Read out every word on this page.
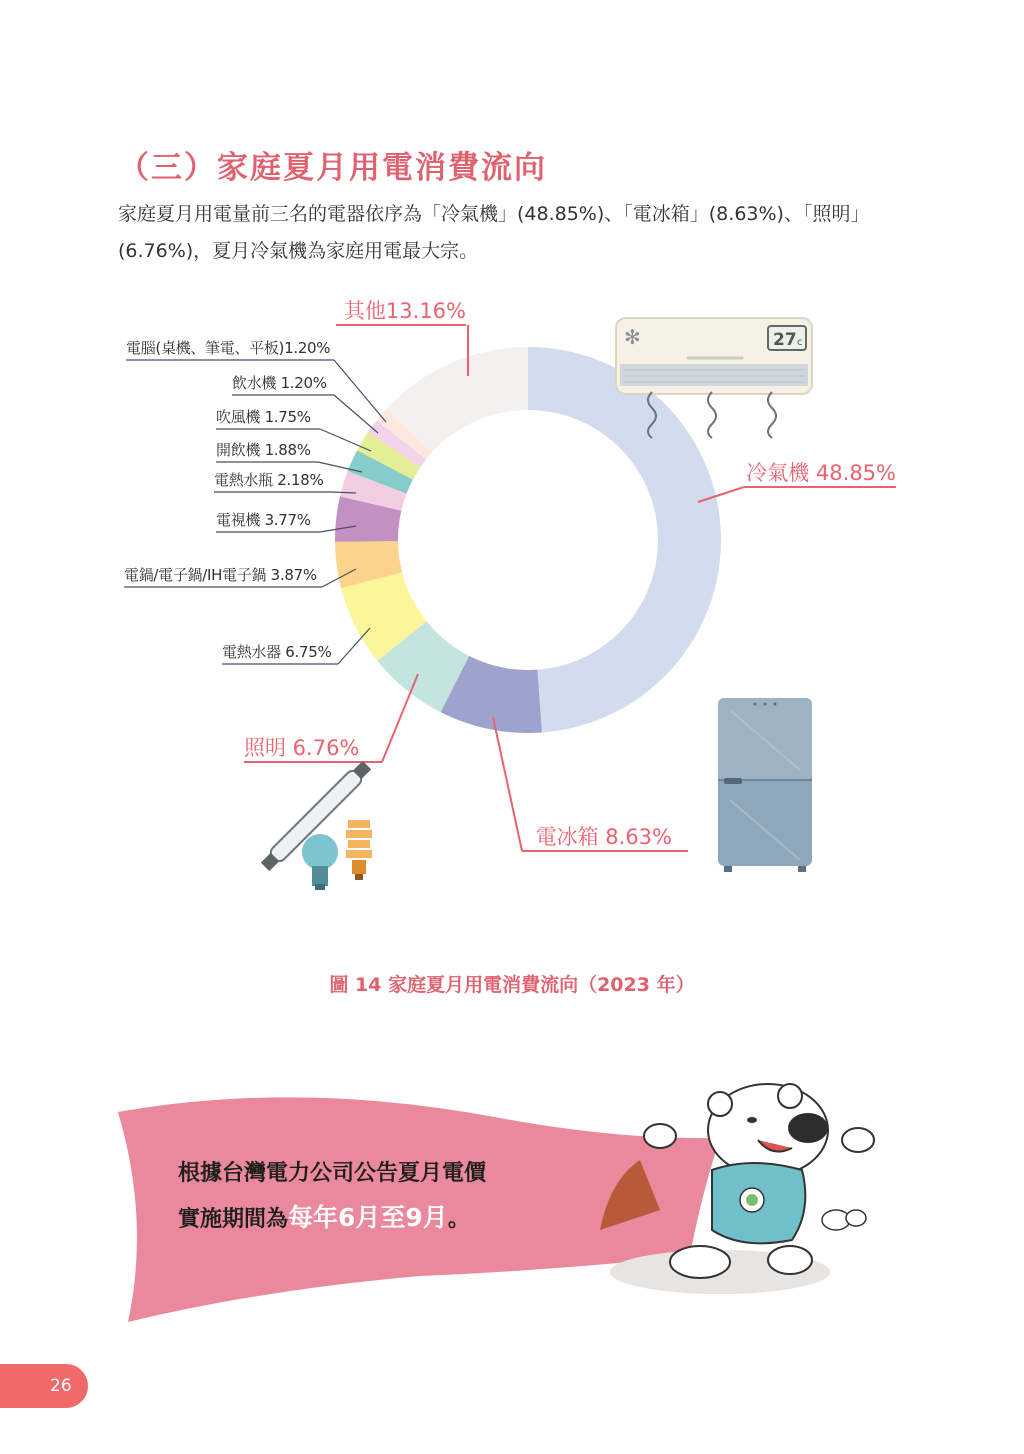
（三）家庭夏月用電消費流向

家庭夏月用電量前三名的電器依序為「冷氣機」(48.85%)、「電冰箱」(8.63%)、「照明」(6.76%)，夏月冷氣機為家庭用電最大宗。

冷氣機 48.85%
電冰箱 8.63%
照明 6.76%
電熱水器 6.75%
電鍋/電子鍋/IH電子鍋 3.87%
電視機 3.77%
電熱水瓶 2.18%
開飲機 1.88%
吹風機 1.75%
飲水機 1.20%
電腦(桌機、筆電、平板)1.20%
其他13.16%
✻	27 c

圖 14 家庭夏月用電消費流向（2023 年）

根據台灣電力公司公告夏月電價
實施期間為每年6月至9月。
26
